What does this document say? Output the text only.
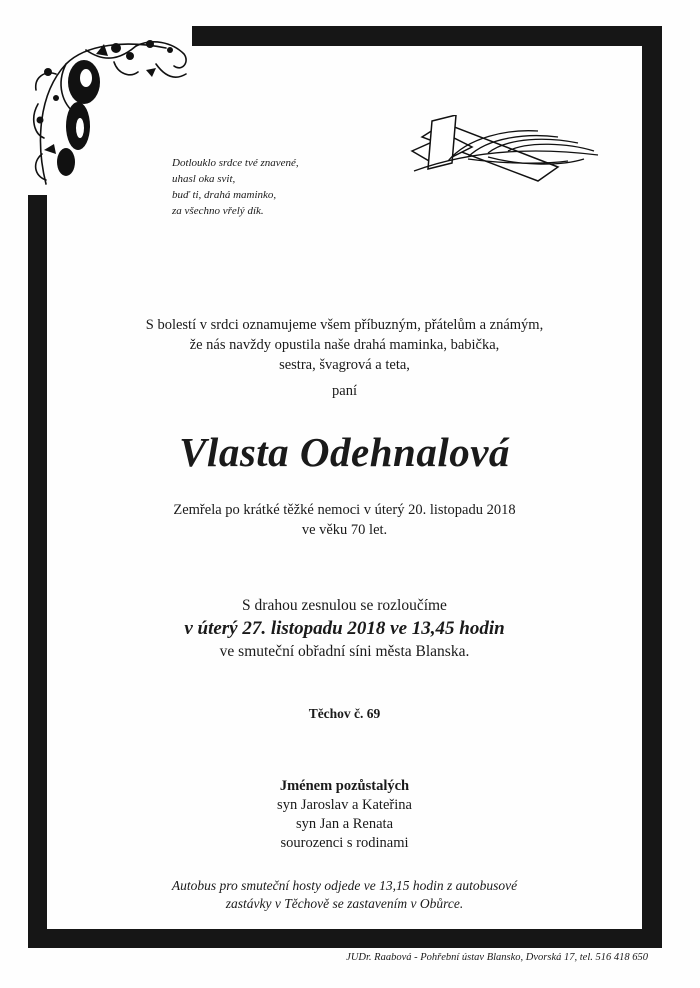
Dotlouklo srdce tvé znavené,
uhasl oka svit,
buď ti, drahá maminko,
za všechno vřelý dík.
S bolestí v srdci oznamujeme všem příbuzným, přátelům a známým,
že nás navždy opustila naše drahá maminka, babička,
sestra, švagrová a teta,
paní
Vlasta Odehnalová
Zemřela po krátké těžké nemoci v úterý 20. listopadu 2018
ve věku 70 let.
S drahou zesnulou se rozloučíme
v úterý 27. listopadu 2018 ve 13,45 hodin
ve smuteční obřadní síni města Blanska.
Těchov č. 69
Jménem pozůstalých
syn Jaroslav a Kateřina
syn Jan a Renata
sourozenci s rodinami
Autobus pro smuteční hosty odjede ve 13,15 hodin z autobusové
zastávky v Těchově se zastavením v Obůrce.
JUDr. Raabová - Pohřební ústav Blansko, Dvorská 17, tel. 516 418 650
